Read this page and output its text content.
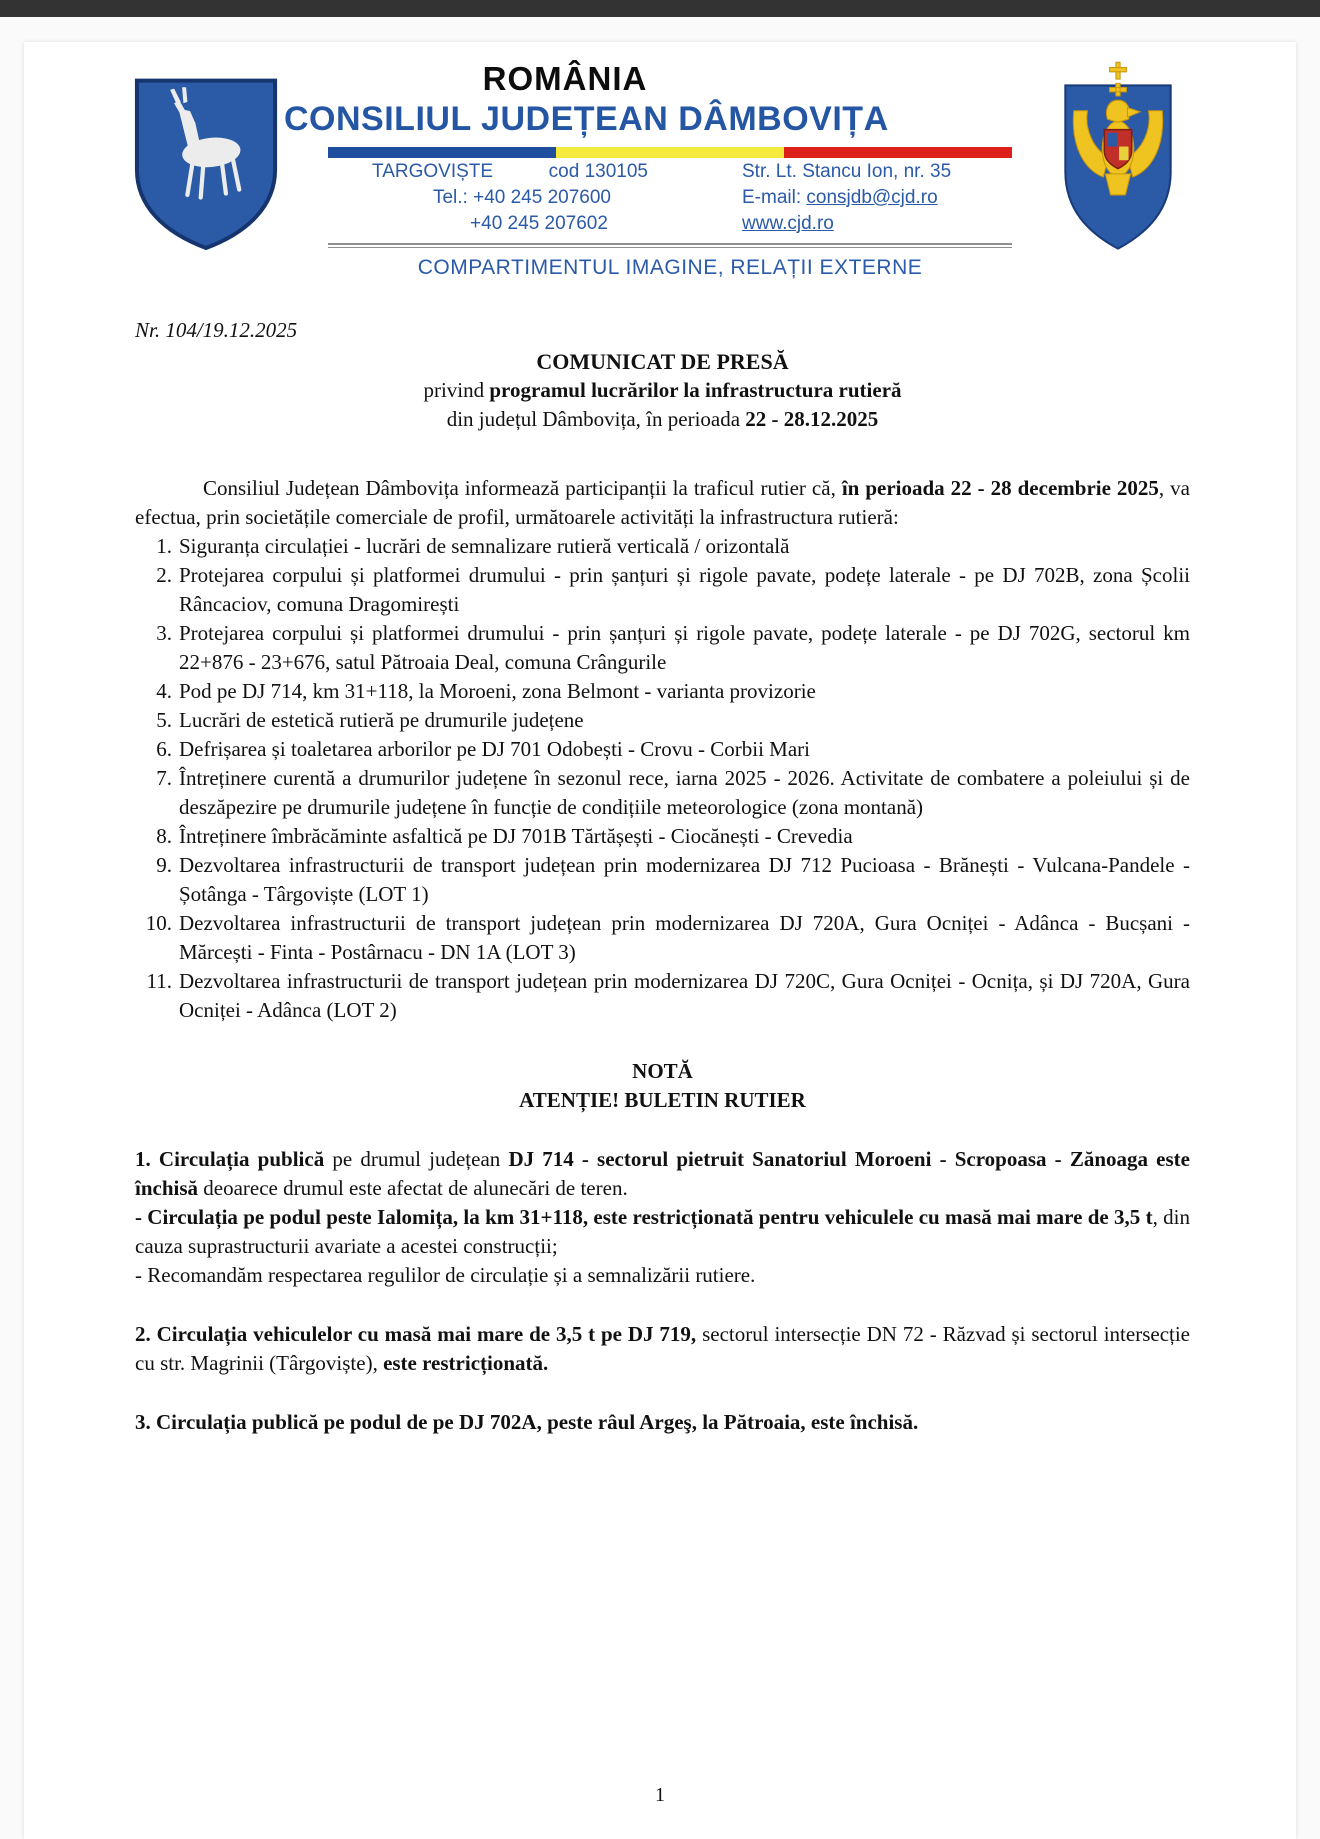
ROMÂNIA
CONSILIUL JUDEȚEAN DÂMBOVIȚA
TARGOVIȘTE	cod 130105
Tel.: +40 245 207600
+40 245 207602
Str. Lt. Stancu Ion, nr. 35
E-mail: consjdb@cjd.ro
www.cjd.ro
COMPARTIMENTUL IMAGINE, RELAȚII EXTERNE
Nr. 104/19.12.2025
COMUNICAT DE PRESĂ
privind programul lucrărilor la infrastructura rutieră
din județul Dâmbovița, în perioada 22 - 28.12.2025

Consiliul Județean Dâmbovița informează participanții la traficul rutier că, în perioada 22 - 28 decembrie 2025, va efectua, prin societățile comerciale de profil, următoarele activități la infrastructura rutieră:

1. Siguranța circulației - lucrări de semnalizare rutieră verticală / orizontală
2. Protejarea corpului și platformei drumului - prin șanțuri și rigole pavate, podețe laterale - pe DJ 702B, zona Școlii Râncaciov, comuna Dragomirești
3. Protejarea corpului și platformei drumului - prin șanțuri și rigole pavate, podețe laterale - pe DJ 702G, sectorul km 22+876 - 23+676, satul Pătroaia Deal, comuna Crângurile
4. Pod pe DJ 714, km 31+118, la Moroeni, zona Belmont - varianta provizorie
5. Lucrări de estetică rutieră pe drumurile județene
6. Defrișarea și toaletarea arborilor pe DJ 701 Odobești - Crovu - Corbii Mari
7. Întreținere curentă a drumurilor județene în sezonul rece, iarna 2025 - 2026. Activitate de combatere a poleiului și de deszăpezire pe drumurile județene în funcție de condițiile meteorologice (zona montană)
8. Întreținere îmbrăcăminte asfaltică pe DJ 701B Tărtășești - Ciocănești - Crevedia
9. Dezvoltarea infrastructurii de transport județean prin modernizarea DJ 712 Pucioasa - Brănești - Vulcana-Pandele - Șotânga - Târgoviște (LOT 1)
10. Dezvoltarea infrastructurii de transport județean prin modernizarea DJ 720A, Gura Ocniței - Adânca - Bucșani - Mărcești - Finta - Postârnacu - DN 1A (LOT 3)
11. Dezvoltarea infrastructurii de transport județean prin modernizarea DJ 720C, Gura Ocniței - Ocnița, și DJ 720A, Gura Ocniței - Adânca (LOT 2)
NOTĂ
ATENȚIE! BULETIN RUTIER
1. Circulația publică pe drumul județean DJ 714 - sectorul pietruit Sanatoriul Moroeni - Scropoasa - Zănoaga este închisă deoarece drumul este afectat de alunecări de teren.
- Circulația pe podul peste Ialomița, la km 31+118, este restricționată pentru vehiculele cu masă mai mare de 3,5 t, din cauza suprastructurii avariate a acestei construcții;
- Recomandăm respectarea regulilor de circulație și a semnalizării rutiere.
2. Circulația vehiculelor cu masă mai mare de 3,5 t pe DJ 719, sectorul intersecție DN 72 - Răzvad și sectorul intersecție cu str. Magrinii (Târgoviște), este restricționată.
3. Circulația publică pe podul de pe DJ 702A, peste râul Argeş, la Pătroaia, este închisă.
1
